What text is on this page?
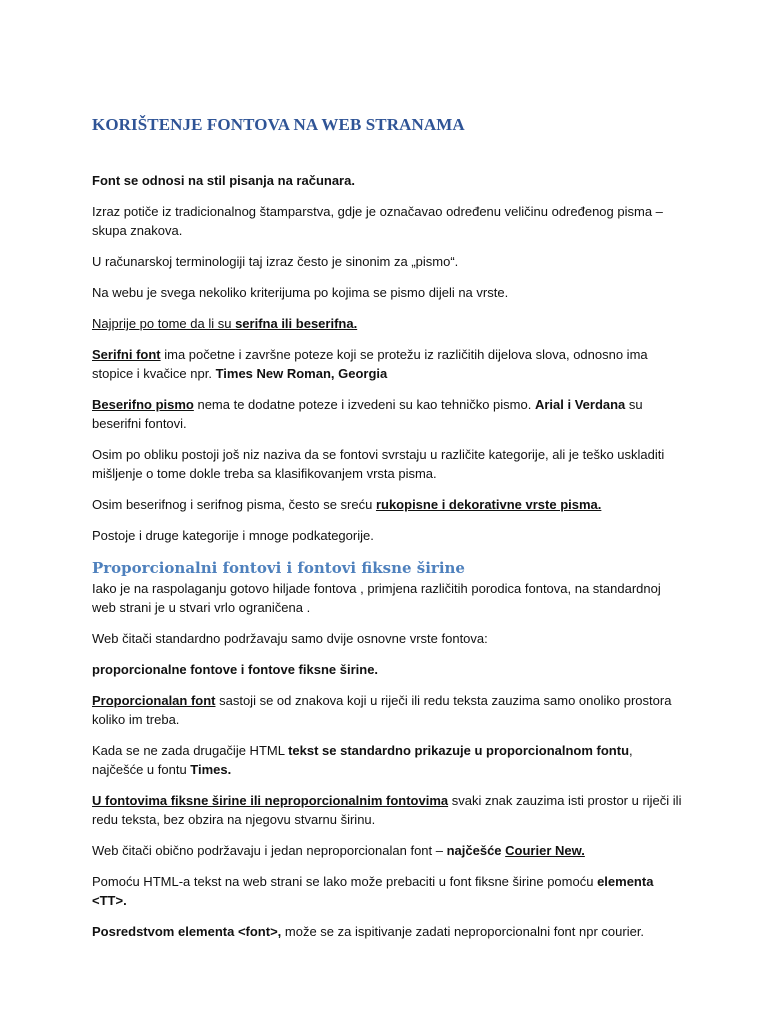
KORIŠTENJE FONTOVA NA WEB STRANAMA

Font se odnosi na stil pisanja na računara.

Izraz potiče iz tradicionalnog štamparstva, gdje je označavao određenu veličinu određenog pisma – skupa znakova.

U računarskoj terminologiji taj izraz često je sinonim za „pismo“.

Na webu je svega nekoliko kriterijuma po kojima se pismo dijeli na vrste.

Najprije po tome da li su serifna ili beserifna.

Serifni font ima početne i završne poteze koji se protežu iz različitih dijelova slova, odnosno ima stopice i kvačice npr. Times New Roman, Georgia

Beserifno pismo nema te dodatne poteze i izvedeni su kao tehničko pismo. Arial i Verdana su beserifni fontovi.

Osim po obliku postoji još niz naziva da se fontovi svrstaju u različite kategorije, ali je teško uskladiti mišljenje o tome dokle treba sa klasifikovanjem vrsta pisma.

Osim beserifnog i serifnog pisma, često se sreću rukopisne i dekorativne vrste pisma.

Postoje i druge kategorije i mnoge podkategorije.

Proporcionalni fontovi i fontovi fiksne širine

Iako je na raspolaganju gotovo hiljade fontova , primjena različitih porodica fontova, na standardnoj web strani je u stvari vrlo ograničena .

Web čitači standardno podržavaju samo dvije osnovne vrste fontova:

proporcionalne fontove i fontove fiksne širine.

Proporcionalan font sastoji se od znakova koji u riječi ili redu teksta zauzima samo onoliko prostora koliko im treba.

Kada se ne zada drugačije HTML tekst se standardno prikazuje u proporcionalnom fontu, najčešće u fontu Times.

U fontovima fiksne širine ili neproporcionalnim fontovima svaki znak zauzima isti prostor u riječi ili redu teksta, bez obzira na njegovu stvarnu širinu.

Web čitači obično podržavaju i jedan neproporcionalan font – najčešće Courier New.

Pomoću HTML-a tekst na web strani se lako može prebaciti u font fiksne širine pomoću elementa <TT>.

Posredstvom elementa <font>, može se za ispitivanje zadati neproporcionalni font npr courier.
